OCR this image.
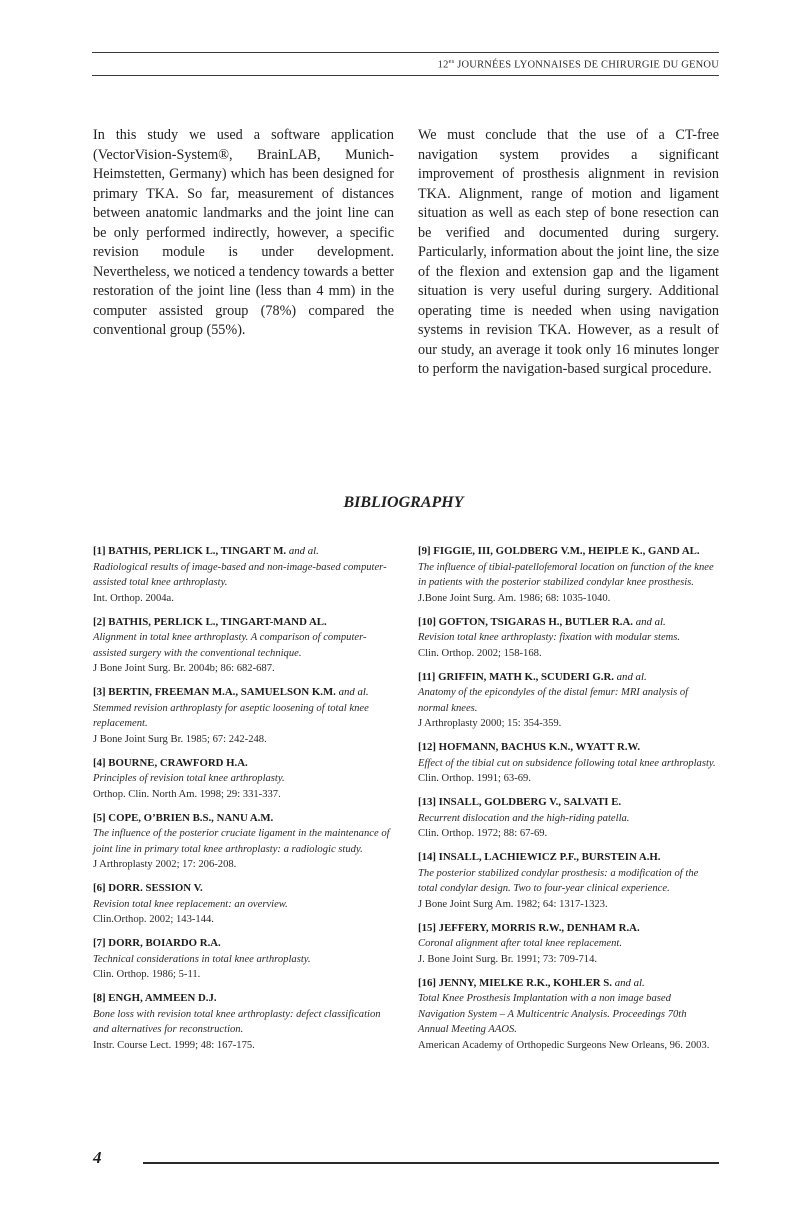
$12^{es}$ JOURNÉES LYONNAISES DE CHIRURGIE DU GENOU
In this study we used a software application (VectorVision-System®, BrainLAB, Munich-Heimstetten, Germany) which has been designed for primary TKA. So far, measurement of distances between anatomic landmarks and the joint line can be only performed indirectly, however, a specific revision module is under development. Nevertheless, we noticed a tendency towards a better restoration of the joint line (less than 4 mm) in the computer assisted group (78%) compared the conventional group (55%).
We must conclude that the use of a CT-free navigation system provides a significant improvement of prosthesis alignment in revision TKA. Alignment, range of motion and ligament situation as well as each step of bone resection can be verified and documented during surgery. Particularly, information about the joint line, the size of the flexion and extension gap and the ligament situation is very useful during surgery. Additional operating time is needed when using navigation systems in revision TKA. However, as a result of our study, an average it took only 16 minutes longer to perform the navigation-based surgical procedure.
BIBLIOGRAPHY
[1] BATHIS, PERLICK L., TINGART M. and al.
Radiological results of image-based and non-image-based computer-assisted total knee arthroplasty.
Int. Orthop. 2004a.
[2] BATHIS, PERLICK L., TINGART-MAND AL.
Alignment in total knee arthroplasty. A comparison of computer-assisted surgery with the conventional technique.
J Bone Joint Surg. Br. 2004b; 86: 682-687.
[3] BERTIN, FREEMAN M.A., SAMUELSON K.M. and al.
Stemmed revision arthroplasty for aseptic loosening of total knee replacement.
J Bone Joint Surg Br. 1985; 67: 242-248.
[4] BOURNE, CRAWFORD H.A.
Principles of revision total knee arthroplasty.
Orthop. Clin. North Am. 1998; 29: 331-337.
[5] COPE, O’BRIEN B.S., NANU A.M.
The influence of the posterior cruciate ligament in the maintenance of joint line in primary total knee arthroplasty: a radiologic study.
J Arthroplasty 2002; 17: 206-208.
[6] DORR. SESSION V.
Revision total knee replacement: an overview.
Clin.Orthop. 2002; 143-144.
[7] DORR, BOIARDO R.A.
Technical considerations in total knee arthroplasty.
Clin. Orthop. 1986; 5-11.
[8] ENGH, AMMEEN D.J.
Bone loss with revision total knee arthroplasty: defect classification and alternatives for reconstruction.
Instr. Course Lect. 1999; 48: 167-175.
[9] FIGGIE, III, GOLDBERG V.M., HEIPLE K., GAND AL.
The influence of tibial-patellofemoral location on function of the knee in patients with the posterior stabilized condylar knee prosthesis.
J.Bone Joint Surg. Am. 1986; 68: 1035-1040.
[10] GOFTON, TSIGARAS H., BUTLER R.A. and al.
Revision total knee arthroplasty: fixation with modular stems.
Clin. Orthop. 2002; 158-168.
[11] GRIFFIN, MATH K., SCUDERI G.R. and al.
Anatomy of the epicondyles of the distal femur: MRI analysis of normal knees.
J Arthroplasty 2000; 15: 354-359.
[12] HOFMANN, BACHUS K.N., WYATT R.W.
Effect of the tibial cut on subsidence following total knee arthroplasty.
Clin. Orthop. 1991; 63-69.
[13] INSALL, GOLDBERG V., SALVATI E.
Recurrent dislocation and the high-riding patella.
Clin. Orthop. 1972; 88: 67-69.
[14] INSALL, LACHIEWICZ P.F., BURSTEIN A.H.
The posterior stabilized condylar prosthesis: a modification of the total condylar design. Two to four-year clinical experience.
J Bone Joint Surg Am. 1982; 64: 1317-1323.
[15] JEFFERY, MORRIS R.W., DENHAM R.A.
Coronal alignment after total knee replacement.
J. Bone Joint Surg. Br. 1991; 73: 709-714.
[16] JENNY, MIELKE R.K., KOHLER S. and al.
Total Knee Prosthesis Implantation with a non image based Navigation System – A Multicentric Analysis. Proceedings 70th Annual Meeting AAOS.
American Academy of Orthopedic Surgeons New Orleans, 96. 2003.
4
